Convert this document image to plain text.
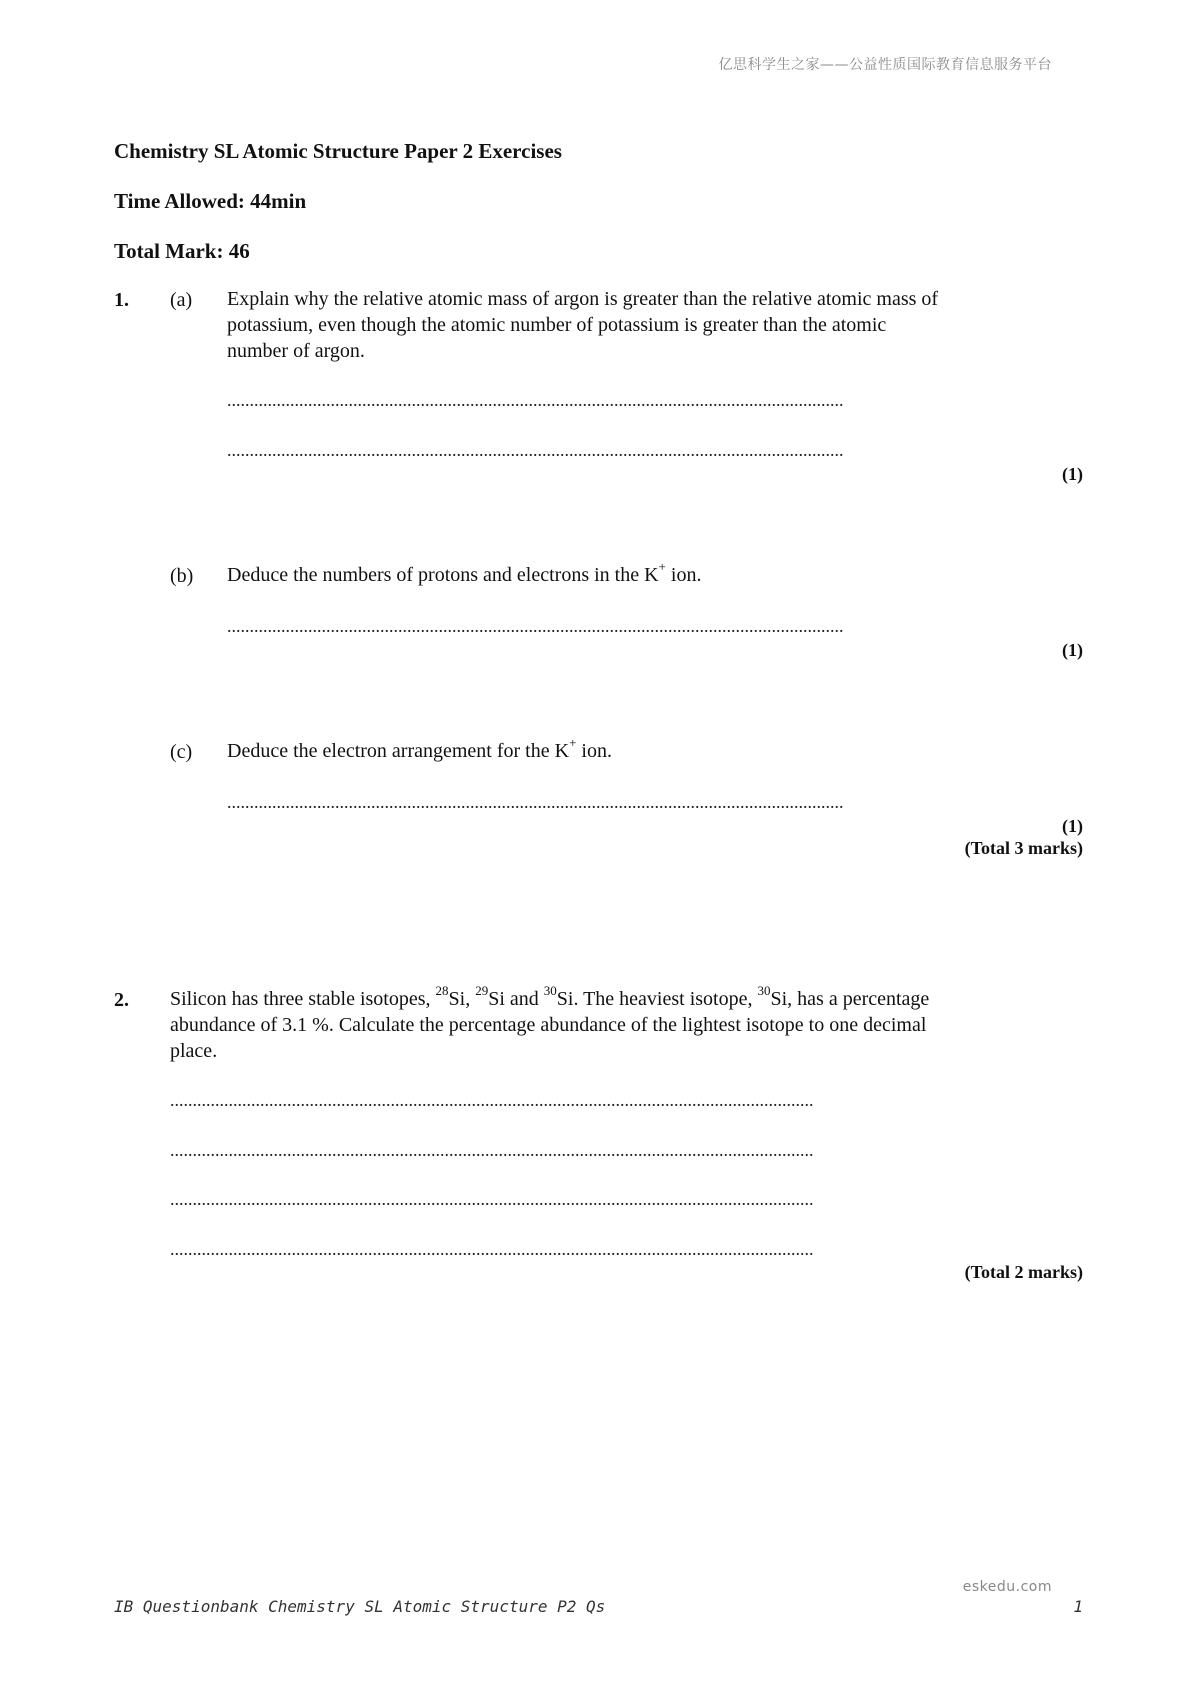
亿思科学生之家——公益性质国际教育信息服务平台
Chemistry SL Atomic Structure Paper 2 Exercises
Time Allowed: 44min
Total Mark: 46
1. (a) Explain why the relative atomic mass of argon is greater than the relative atomic mass of
potassium, even though the atomic number of potassium is greater than the atomic
number of argon.
.........................................................................................................................................
.........................................................................................................................................
(1)
(b) Deduce the numbers of protons and electrons in the K+ ion.
.........................................................................................................................................
(1)
(c) Deduce the electron arrangement for the K+ ion.
.........................................................................................................................................
(1)
(Total 3 marks)
2. Silicon has three stable isotopes, $^{28}$Si, $^{29}$Si and $^{30}$Si. The heaviest isotope, $^{30}$Si, has a percentage
abundance of 3.1 %. Calculate the percentage abundance of the lightest isotope to one decimal
place.
...............................................................................................................................................
...............................................................................................................................................
...............................................................................................................................................
...............................................................................................................................................
(Total 2 marks)
eskedu.com
IB Questionbank Chemistry SL Atomic Structure P2 Qs	1
